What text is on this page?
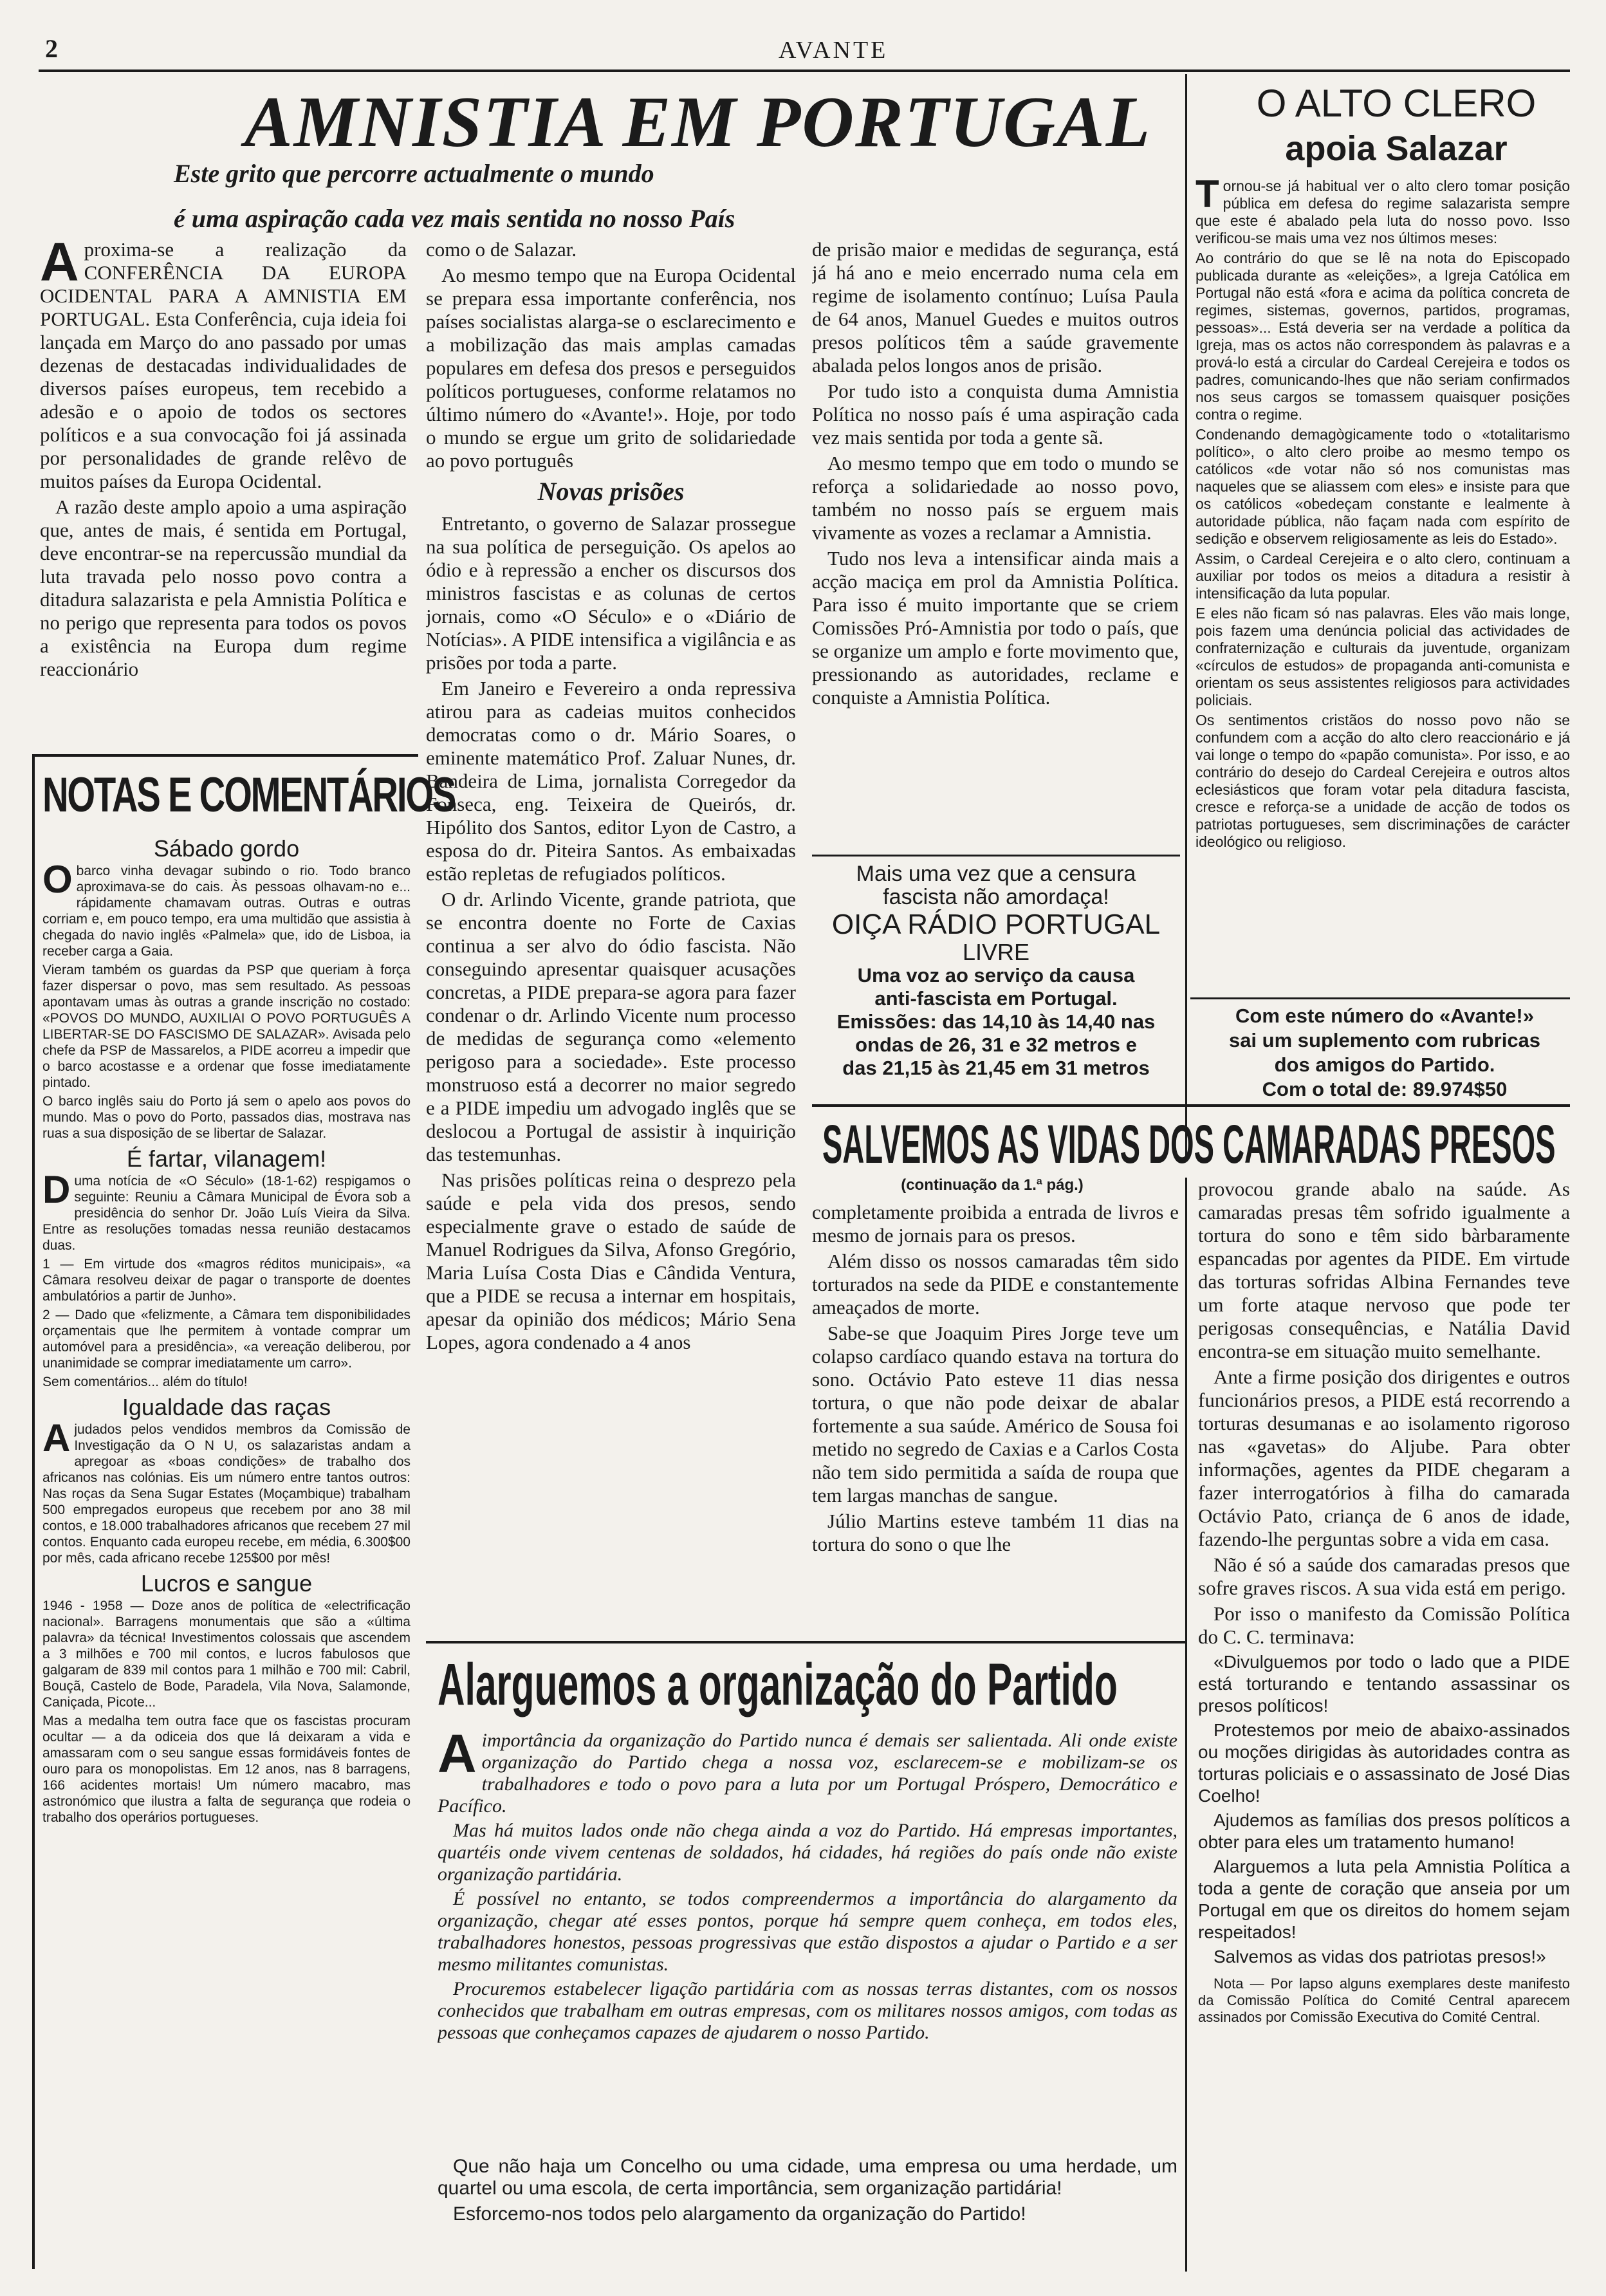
2	AVANTE
AMNISTIA EM PORTUGAL
Este grito que percorre actualmente o mundo
é uma aspiração cada vez mais sentida no nosso País
A proxima-se a realização da CONFERÊNCIA DA EUROPA OCIDENTAL PARA A AMNISTIA EM PORTUGAL. Esta Conferência, cuja ideia foi lançada em Março do ano passado por umas dezenas de destacadas individualidades de diversos países europeus, tem recebido a adesão e o apoio de todos os sectores políticos e a sua convocação foi já assinada por personalidades de grande relêvo de muitos países da Europa Ocidental.

A razão deste amplo apoio a uma aspiração que, antes de mais, é sentida em Portugal, deve encontrar-se na repercussão mundial da luta travada pelo nosso povo contra a ditadura salazarista e pela Amnistia Política e no perigo que representa para todos os povos a existência na Europa dum regime reaccionário

como o de Salazar.

Ao mesmo tempo que na Europa Ocidental se prepara essa importante conferência, nos países socialistas alarga-se o esclarecimento e a mobilização das mais amplas camadas populares em defesa dos presos e perseguidos políticos portugueses, conforme relatamos no último número do «Avante!». Hoje, por todo o mundo se ergue um grito de solidariedade ao povo português

Novas prisões

Entretanto, o governo de Salazar prossegue na sua política de perseguição. Os apelos ao ódio e à repressão a encher os discursos dos ministros fascistas e as colunas de certos jornais, como «O Século» e o «Diário de Notícias». A PIDE intensifica a vigilância e as prisões por toda a parte.

Em Janeiro e Fevereiro a onda repressiva atirou para as cadeias muitos conhecidos democratas como o dr. Mário Soares, o eminente matemático Prof. Zaluar Nunes, dr. Bandeira de Lima, jornalista Corregedor da Fonseca, eng. Teixeira de Queirós, dr. Hipólito dos Santos, editor Lyon de Castro, a esposa do dr. Piteira Santos. As embaixadas estão repletas de refugiados políticos.

O dr. Arlindo Vicente, grande patriota, que se encontra doente no Forte de Caxias continua a ser alvo do ódio fascista. Não conseguindo apresentar quaisquer acusações concretas, a PIDE prepara-se agora para fazer condenar o dr. Arlindo Vicente num processo de medidas de segurança como «elemento perigoso para a sociedade». Este processo monstruoso está a decorrer no maior segredo e a PIDE impediu um advogado inglês que se deslocou a Portugal de assistir à inquirição das testemunhas.

Nas prisões políticas reina o desprezo pela saúde e pela vida dos presos, sendo especialmente grave o estado de saúde de Manuel Rodrigues da Silva, Afonso Gregório, Maria Luísa Costa Dias e Cândida Ventura, que a PIDE se recusa a internar em hospitais, apesar da opinião dos médicos; Mário Sena Lopes, agora condenado a 4 anos

de prisão maior e medidas de segurança, está já há ano e meio encerrado numa cela em regime de isolamento contínuo; Luísa Paula de 64 anos, Manuel Guedes e muitos outros presos políticos têm a saúde gravemente abalada pelos longos anos de prisão.

Por tudo isto a conquista duma Amnistia Política no nosso país é uma aspiração cada vez mais sentida por toda a gente sã.

Ao mesmo tempo que em todo o mundo se reforça a solidariedade ao nosso povo, também no nosso país se erguem mais vivamente as vozes a reclamar a Amnistia.

Tudo nos leva a intensificar ainda mais a acção maciça em prol da Amnistia Política. Para isso é muito importante que se criem Comissões Pró-Amnistia por todo o país, que se organize um amplo e forte movimento que, pressionando as autoridades, reclame e conquiste a Amnistia Política.

O ALTO CLERO
apoia Salazar
T ornou-se já habitual ver o alto clero tomar posição pública em defesa do regime salazarista sempre que este é abalado pela luta do nosso povo. Isso verificou-se mais uma vez nos últimos meses:

Ao contrário do que se lê na nota do Episcopado publicada durante as «eleições», a Igreja Católica em Portugal não está «fora e acima da política concreta de regimes, sistemas, governos, partidos, programas, pessoas»... Está deveria ser na verdade a política da Igreja, mas os actos não correspondem às palavras e a prová-lo está a circular do Cardeal Cerejeira e todos os padres, comunicando-lhes que não seriam confirmados nos seus cargos se tomassem quaisquer posições contra o regime.

Condenando demagògicamente todo o «totalitarismo político», o alto clero proibe ao mesmo tempo os católicos «de votar não só nos comunistas mas naqueles que se aliassem com eles» e insiste para que os católicos «obedeçam constante e lealmente à autoridade pública, não façam nada com espírito de sedição e observem religiosamente as leis do Estado».

Assim, o Cardeal Cerejeira e o alto clero, continuam a auxiliar por todos os meios a ditadura a resistir à intensificação da luta popular.

E eles não ficam só nas palavras. Eles vão mais longe, pois fazem uma denúncia policial das actividades de confraternização e culturais da juventude, organizam «círculos de estudos» de propaganda anti-comunista e orientam os seus assistentes religiosos para actividades policiais.

Os sentimentos cristãos do nosso povo não se confundem com a acção do alto clero reaccionário e já vai longe o tempo do «papão comunista». Por isso, e ao contrário do desejo do Cardeal Cerejeira e outros altos eclesiásticos que foram votar pela ditadura fascista, cresce e reforça-se a unidade de acção de todos os patriotas portugueses, sem discriminações de carácter ideológico ou religioso.

Com este número do «Avante!»
sai um suplemento com rubricas
dos amigos do Partido.
Com o total de: 89.974$50
Mais uma vez que a censura
fascista não amordaça!
OIÇA RÁDIO PORTUGAL
LIVRE
Uma voz ao serviço da causa
anti-fascista em Portugal.
Emissões: das 14,10 às 14,40 nas
ondas de 26, 31 e 32 metros e
das 21,15 às 21,45 em 31 metros
NOTAS E COMENTÁRIOS
Sábado gordo
O barco vinha devagar subindo o rio. Todo branco aproximava-se do cais. Às pessoas olhavam-no e... rápidamente chamavam outras. Outras e outras corriam e, em pouco tempo, era uma multidão que assistia à chegada do navio inglês «Palmela» que, ido de Lisboa, ia receber carga a Gaia.

Vieram também os guardas da PSP que queriam à força fazer dispersar o povo, mas sem resultado. As pessoas apontavam umas às outras a grande inscrição no costado: «POVOS DO MUNDO, AUXILIAI O POVO PORTUGUÊS A LIBERTAR-SE DO FASCISMO DE SALAZAR». Avisada pelo chefe da PSP de Massarelos, a PIDE acorreu a impedir que o barco acostasse e a ordenar que fosse imediatamente pintado.

O barco inglês saiu do Porto já sem o apelo aos povos do mundo. Mas o povo do Porto, passados dias, mostrava nas ruas a sua disposição de se libertar de Salazar.

É fartar, vilanagem!
D uma notícia de «O Século» (18-1-62) respigamos o seguinte: Reuniu a Câmara Municipal de Évora sob a presidência do senhor Dr. João Luís Vieira da Silva. Entre as resoluções tomadas nessa reunião destacamos duas.

1 — Em virtude dos «magros réditos municipais», «a Câmara resolveu deixar de pagar o transporte de doentes ambulatórios a partir de Junho».

2 — Dado que «felizmente, a Câmara tem disponibilidades orçamentais que lhe permitem à vontade comprar um automóvel para a presidência», «a vereação deliberou, por unanimidade se comprar imediatamente um carro».

Sem comentários... além do título!

Igualdade das raças
A judados pelos vendidos membros da Comissão de Investigação da O N U, os salazaristas andam a apregoar as «boas condições» de trabalho dos africanos nas colónias. Eis um número entre tantos outros: Nas roças da Sena Sugar Estates (Moçambique) trabalham 500 empregados europeus que recebem por ano 38 mil contos, e 18.000 trabalhadores africanos que recebem 27 mil contos. Enquanto cada europeu recebe, em média, 6.300$00 por mês, cada africano recebe 125$00 por mês!

Lucros e sangue

1946 - 1958 — Doze anos de política de «electrificação nacional». Barragens monumentais que são a «última palavra» da técnica! Investimentos colossais que ascendem a 3 milhões e 700 mil contos, e lucros fabulosos que galgaram de 839 mil contos para 1 milhão e 700 mil: Cabril, Bouçã, Castelo de Bode, Paradela, Vila Nova, Salamonde, Caniçada, Picote...

Mas a medalha tem outra face que os fascistas procuram ocultar — a da odiceia dos que lá deixaram a vida e amassaram com o seu sangue essas formidáveis fontes de ouro para os monopolistas. Em 12 anos, nas 8 barragens, 166 acidentes mortais! Um número macabro, mas astronómico que ilustra a falta de segurança que rodeia o trabalho dos operários portugueses.

SALVEMOS AS VIDAS DOS CAMARADAS PRESOS
(continuação da 1.ª pág.)

completamente proibida a entrada de livros e mesmo de jornais para os presos.

Além disso os nossos camaradas têm sido torturados na sede da PIDE e constantemente ameaçados de morte.

Sabe-se que Joaquim Pires Jorge teve um colapso cardíaco quando estava na tortura do sono. Octávio Pato esteve 11 dias nessa tortura, o que não pode deixar de abalar fortemente a sua saúde. Américo de Sousa foi metido no segredo de Caxias e a Carlos Costa não tem sido permitida a saída de roupa que tem largas manchas de sangue.

Júlio Martins esteve também 11 dias na tortura do sono o que lhe

provocou grande abalo na saúde. As camaradas presas têm sofrido igualmente a tortura do sono e têm sido bàrbaramente espancadas por agentes da PIDE. Em virtude das torturas sofridas Albina Fernandes teve um forte ataque nervoso que pode ter perigosas consequências, e Natália David encontra-se em situação muito semelhante.

Ante a firme posição dos dirigentes e outros funcionários presos, a PIDE está recorrendo a torturas desumanas e ao isolamento rigoroso nas «gavetas» do Aljube. Para obter informações, agentes da PIDE chegaram a fazer interrogatórios à filha do camarada Octávio Pato, criança de 6 anos de idade, fazendo-lhe perguntas sobre a vida em casa.

Não é só a saúde dos camaradas presos que sofre graves riscos. A sua vida está em perigo.

Por isso o manifesto da Comissão Política do C. C. terminava:

«Divulguemos por todo o lado que a PIDE está torturando e tentando assassinar os presos políticos!

Protestemos por meio de abaixo-assinados ou moções dirigidas às autoridades contra as torturas policiais e o assassinato de José Dias Coelho!

Ajudemos as famílias dos presos políticos a obter para eles um tratamento humano!

Alarguemos a luta pela Amnistia Política a toda a gente de coração que anseia por um Portugal em que os direitos do homem sejam respeitados!

Salvemos as vidas dos patriotas presos!»

Nota — Por lapso alguns exemplares deste manifesto da Comissão Política do Comité Central aparecem assinados por Comissão Executiva do Comité Central.

Alarguemos a organização do Partido
A importância da organização do Partido nunca é demais ser salientada. Ali onde existe organização do Partido chega a nossa voz, esclarecem-se e mobilizam-se os trabalhadores e todo o povo para a luta por um Portugal Próspero, Democrático e Pacífico.

Mas há muitos lados onde não chega ainda a voz do Partido. Há empresas importantes, quartéis onde vivem centenas de soldados, há cidades, há regiões do país onde não existe organização partidária.

É possível no entanto, se todos compreendermos a importância do alargamento da organização, chegar até esses pontos, porque há sempre quem conheça, em todos eles, trabalhadores honestos, pessoas progressivas que estão dispostos a ajudar o Partido e a ser mesmo militantes comunistas.

Procuremos estabelecer ligação partidária com as nossas terras distantes, com os nossos conhecidos que trabalham em outras empresas, com os militares nossos amigos, com todas as pessoas que conheçamos capazes de ajudarem o nosso Partido.

Que não haja um Concelho ou uma cidade, uma empresa ou uma herdade, um quartel ou uma escola, de certa importância, sem organização partidária!

Esforcemo-nos todos pelo alargamento da organização do Partido!
